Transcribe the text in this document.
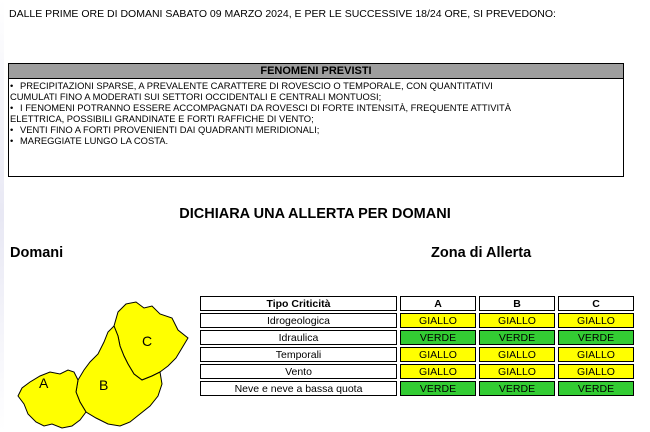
DALLE PRIME ORE DI DOMANI SABATO 09 MARZO 2024, E PER LE SUCCESSIVE 18/24 ORE, SI PREVEDONO:
FENOMENI PREVISTI
• PRECIPITAZIONI SPARSE, A PREVALENTE CARATTERE DI ROVESCIO O TEMPORALE, CON QUANTITATIVI
CUMULATI FINO A MODERATI SUI SETTORI OCCIDENTALI E CENTRALI MONTUOSI;
• I FENOMENI POTRANNO ESSERE ACCOMPAGNATI DA ROVESCI DI FORTE INTENSITÀ, FREQUENTE ATTIVITÀ
ELETTRICA, POSSIBILI GRANDINATE E FORTI RAFFICHE DI VENTO;
• VENTI FINO A FORTI PROVENIENTI DAI QUADRANTI MERIDIONALI;
• MAREGGIATE LUNGO LA COSTA.
DICHIARA UNA ALLERTA PER DOMANI
Domani	Zona di Allerta
A	B
C
Tipo Criticità	A	B	C
Idrogeologica	GIALLO	GIALLO	GIALLO
Idraulica	VERDE	VERDE	VERDE
Temporali	GIALLO	GIALLO	GIALLO
Vento	GIALLO	GIALLO	GIALLO
Neve e neve a bassa quota	VERDE	VERDE	VERDE
